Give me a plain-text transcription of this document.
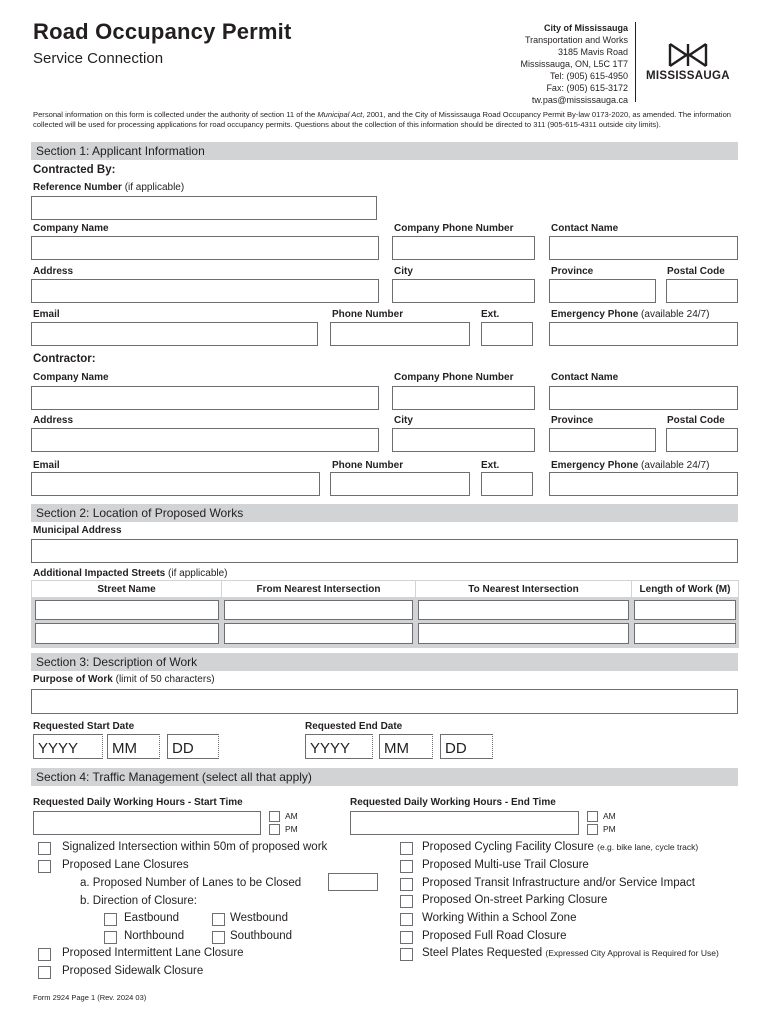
Road Occupancy Permit
Service Connection
City of Mississauga
Transportation and Works
3185 Mavis Road
Mississauga, ON, L5C 1T7
Tel: (905) 615-4950
Fax: (905) 615-3172
tw.pas@mississauga.ca
MISSISSAUGA
Personal information on this form is collected under the authority of section 11 of the Municipal Act, 2001, and the City of Mississauga Road Occupancy Permit By-law 0173-2020, as amended. The information collected will be used for processing applications for road occupancy permits. Questions about the collection of this information should be directed to 311 (905-615-4311 outside city limits).
Section 1: Applicant Information
Contracted By:
Reference Number (if applicable)
Company Name	Company Phone Number	Contact Name
Address	City	Province	Postal Code
Email	Phone Number	Ext.	Emergency Phone (available 24/7)
Contractor:
Company Name	Company Phone Number	Contact Name
Address	City	Province	Postal Code
Email	Phone Number	Ext.	Emergency Phone (available 24/7)
Section 2: Location of Proposed Works
Municipal Address
Additional Impacted Streets (if applicable)
Street Name	From Nearest Intersection	To Nearest Intersection	Length of Work (M)
Section 3: Description of Work
Purpose of Work (limit of 50 characters)
Requested Start Date	Requested End Date
YYYY	MM	DD	YYYY	MM	DD
Section 4: Traffic Management (select all that apply)
Requested Daily Working Hours - Start Time	Requested Daily Working Hours - End Time
AM
PM
AM
PM
Signalized Intersection within 50m of proposed work
Proposed Lane Closures
a. Proposed Number of Lanes to be Closed
b. Direction of Closure:
Eastbound	Westbound
Northbound	Southbound
Proposed Intermittent Lane Closure
Proposed Sidewalk Closure
Proposed Cycling Facility Closure (e.g. bike lane, cycle track)
Proposed Multi-use Trail Closure
Proposed Transit Infrastructure and/or Service Impact
Proposed On-street Parking Closure
Working Within a School Zone
Proposed Full Road Closure
Steel Plates Requested (Expressed City Approval is Required for Use)
Form 2924 Page 1 (Rev. 2024 03)
